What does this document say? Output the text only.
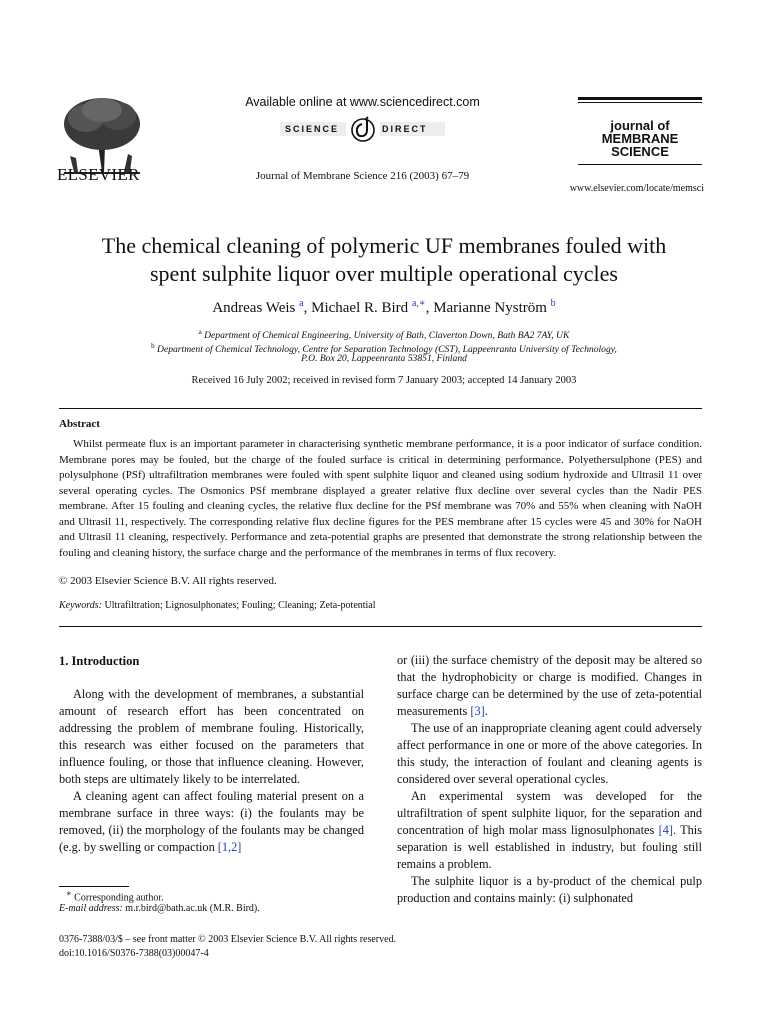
ELSEVIER
Available online at www.sciencedirect.com
SCIENCE	DIRECT
Journal of Membrane Science 216 (2003) 67–79
journal of
MEMBRANE
SCIENCE
www.elsevier.com/locate/memsci
The chemical cleaning of polymeric UF membranes fouled with
spent sulphite liquor over multiple operational cycles
Andreas Weis $^a$, Michael R. Bird $^{a,∗}$, Marianne Nyström $^b$
$^a$ Department of Chemical Engineering, University of Bath, Claverton Down, Bath BA2 7AY, UK
$^b$ Department of Chemical Technology, Centre for Separation Technology (CST), Lappeenranta University of Technology,
P.O. Box 20, Lappeenranta 53851, Finland
Received 16 July 2002; received in revised form 7 January 2003; accepted 14 January 2003
Abstract
Whilst permeate flux is an important parameter in characterising synthetic membrane performance, it is a poor indicator of surface condition. Membrane pores may be fouled, but the charge of the fouled surface is critical in determining performance. Polyethersulphone (PES) and polysulphone (PSf) ultrafiltration membranes were fouled with spent sulphite liquor and cleaned using sodium hydroxide and Ultrasil 11 over several operating cycles. The Osmonics PSf membrane displayed a greater relative flux decline over several cycles than the Nadir PES membrane. After 15 fouling and cleaning cycles, the relative flux decline for the PSf membrane was 70% and 55% when cleaning with NaOH and Ultrasil 11, respectively. The corresponding relative flux decline figures for the PES membrane after 15 cycles were 45 and 30% for NaOH and Ultrasil 11 cleaning, respectively. Performance and zeta-potential graphs are presented that demonstrate the strong relationship between the fouling and cleaning history, the surface charge and the performance of the membranes in terms of flux recovery.
© 2003 Elsevier Science B.V. All rights reserved.
Keywords: Ultrafiltration; Lignosulphonates; Fouling; Cleaning; Zeta-potential
1. Introduction

Along with the development of membranes, a substantial amount of research effort has been concentrated on addressing the problem of membrane fouling. Historically, this research was either focused on the parameters that influence fouling, or those that influence cleaning. However, both steps are ultimately likely to be interrelated.

A cleaning agent can affect fouling material present on a membrane surface in three ways: (i) the foulants may be removed, (ii) the morphology of the foulants may be changed (e.g. by swelling or compaction [1,2]

or (iii) the surface chemistry of the deposit may be altered so that the hydrophobicity or charge is modified. Changes in surface charge can be determined by the use of zeta-potential measurements [3].

The use of an inappropriate cleaning agent could adversely affect performance in one or more of the above categories. In this study, the interaction of foulant and cleaning agents is considered over several operational cycles.

An experimental system was developed for the ultrafiltration of spent sulphite liquor, for the separation and concentration of high molar mass lignosulphonates [4]. This separation is well established in industry, but fouling still remains a problem.

The sulphite liquor is a by-product of the chemical pulp production and contains mainly: (i) sulphonated

∗ Corresponding author.
E-mail address: m.r.bird@bath.ac.uk (M.R. Bird).
0376-7388/03/$ – see front matter © 2003 Elsevier Science B.V. All rights reserved.
doi:10.1016/S0376-7388(03)00047-4
